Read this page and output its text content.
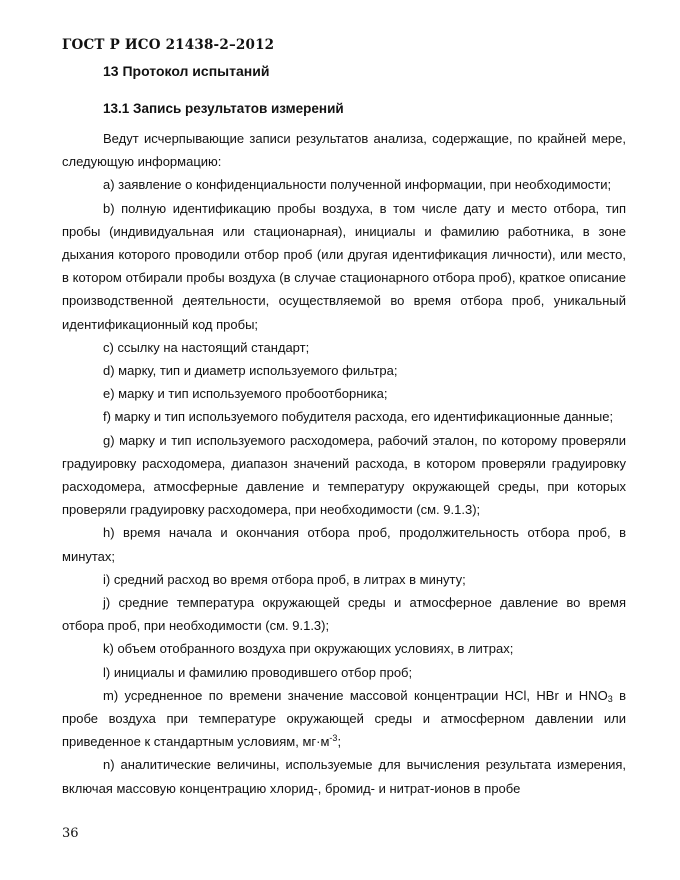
ГОСТ Р ИСО 21438-2–2012
13 Протокол испытаний
13.1 Запись результатов измерений

Ведут исчерпывающие записи результатов анализа, содержащие, по крайней мере, следующую информацию:

a) заявление о конфиденциальности полученной информации, при необходимости;

b) полную идентификацию пробы воздуха, в том числе дату и место отбора, тип пробы (индивидуальная или стационарная), инициалы и фамилию работника, в зоне дыхания которого проводили отбор проб (или другая идентификация личности), или место, в котором отбирали пробы воздуха (в случае стационарного отбора проб), краткое описание производственной деятельности, осуществляемой во время отбора проб, уникальный идентификационный код пробы;

c) ссылку на настоящий стандарт;

d) марку, тип и диаметр используемого фильтра;

e) марку и тип используемого пробоотборника;

f) марку и тип используемого побудителя расхода, его идентификационные данные;

g) марку и тип используемого расходомера, рабочий эталон, по которому проверяли градуировку расходомера, диапазон значений расхода, в котором проверяли градуировку расходомера, атмосферные давление и температуру окружающей среды, при которых проверяли градуировку расходомера, при необходимости (см. 9.1.3);

h) время начала и окончания отбора проб, продолжительность отбора проб, в минутах;

i) средний расход во время отбора проб, в литрах в минуту;

j) средние температура окружающей среды и атмосферное давление во время отбора проб, при необходимости (см. 9.1.3);

k) объем отобранного воздуха при окружающих условиях, в литрах;

l) инициалы и фамилию проводившего отбор проб;

m) усредненное по времени значение массовой концентрации HCl, HBr и $HNO_3$ в пробе воздуха при температуре окружающей среды и атмосферном давлении или приведенное к стандартным условиям, $мг\cdot м^{-3}$;

n) аналитические величины, используемые для вычисления результата измерения, включая массовую концентрацию хлорид-, бромид- и нитрат-ионов в пробе

36
